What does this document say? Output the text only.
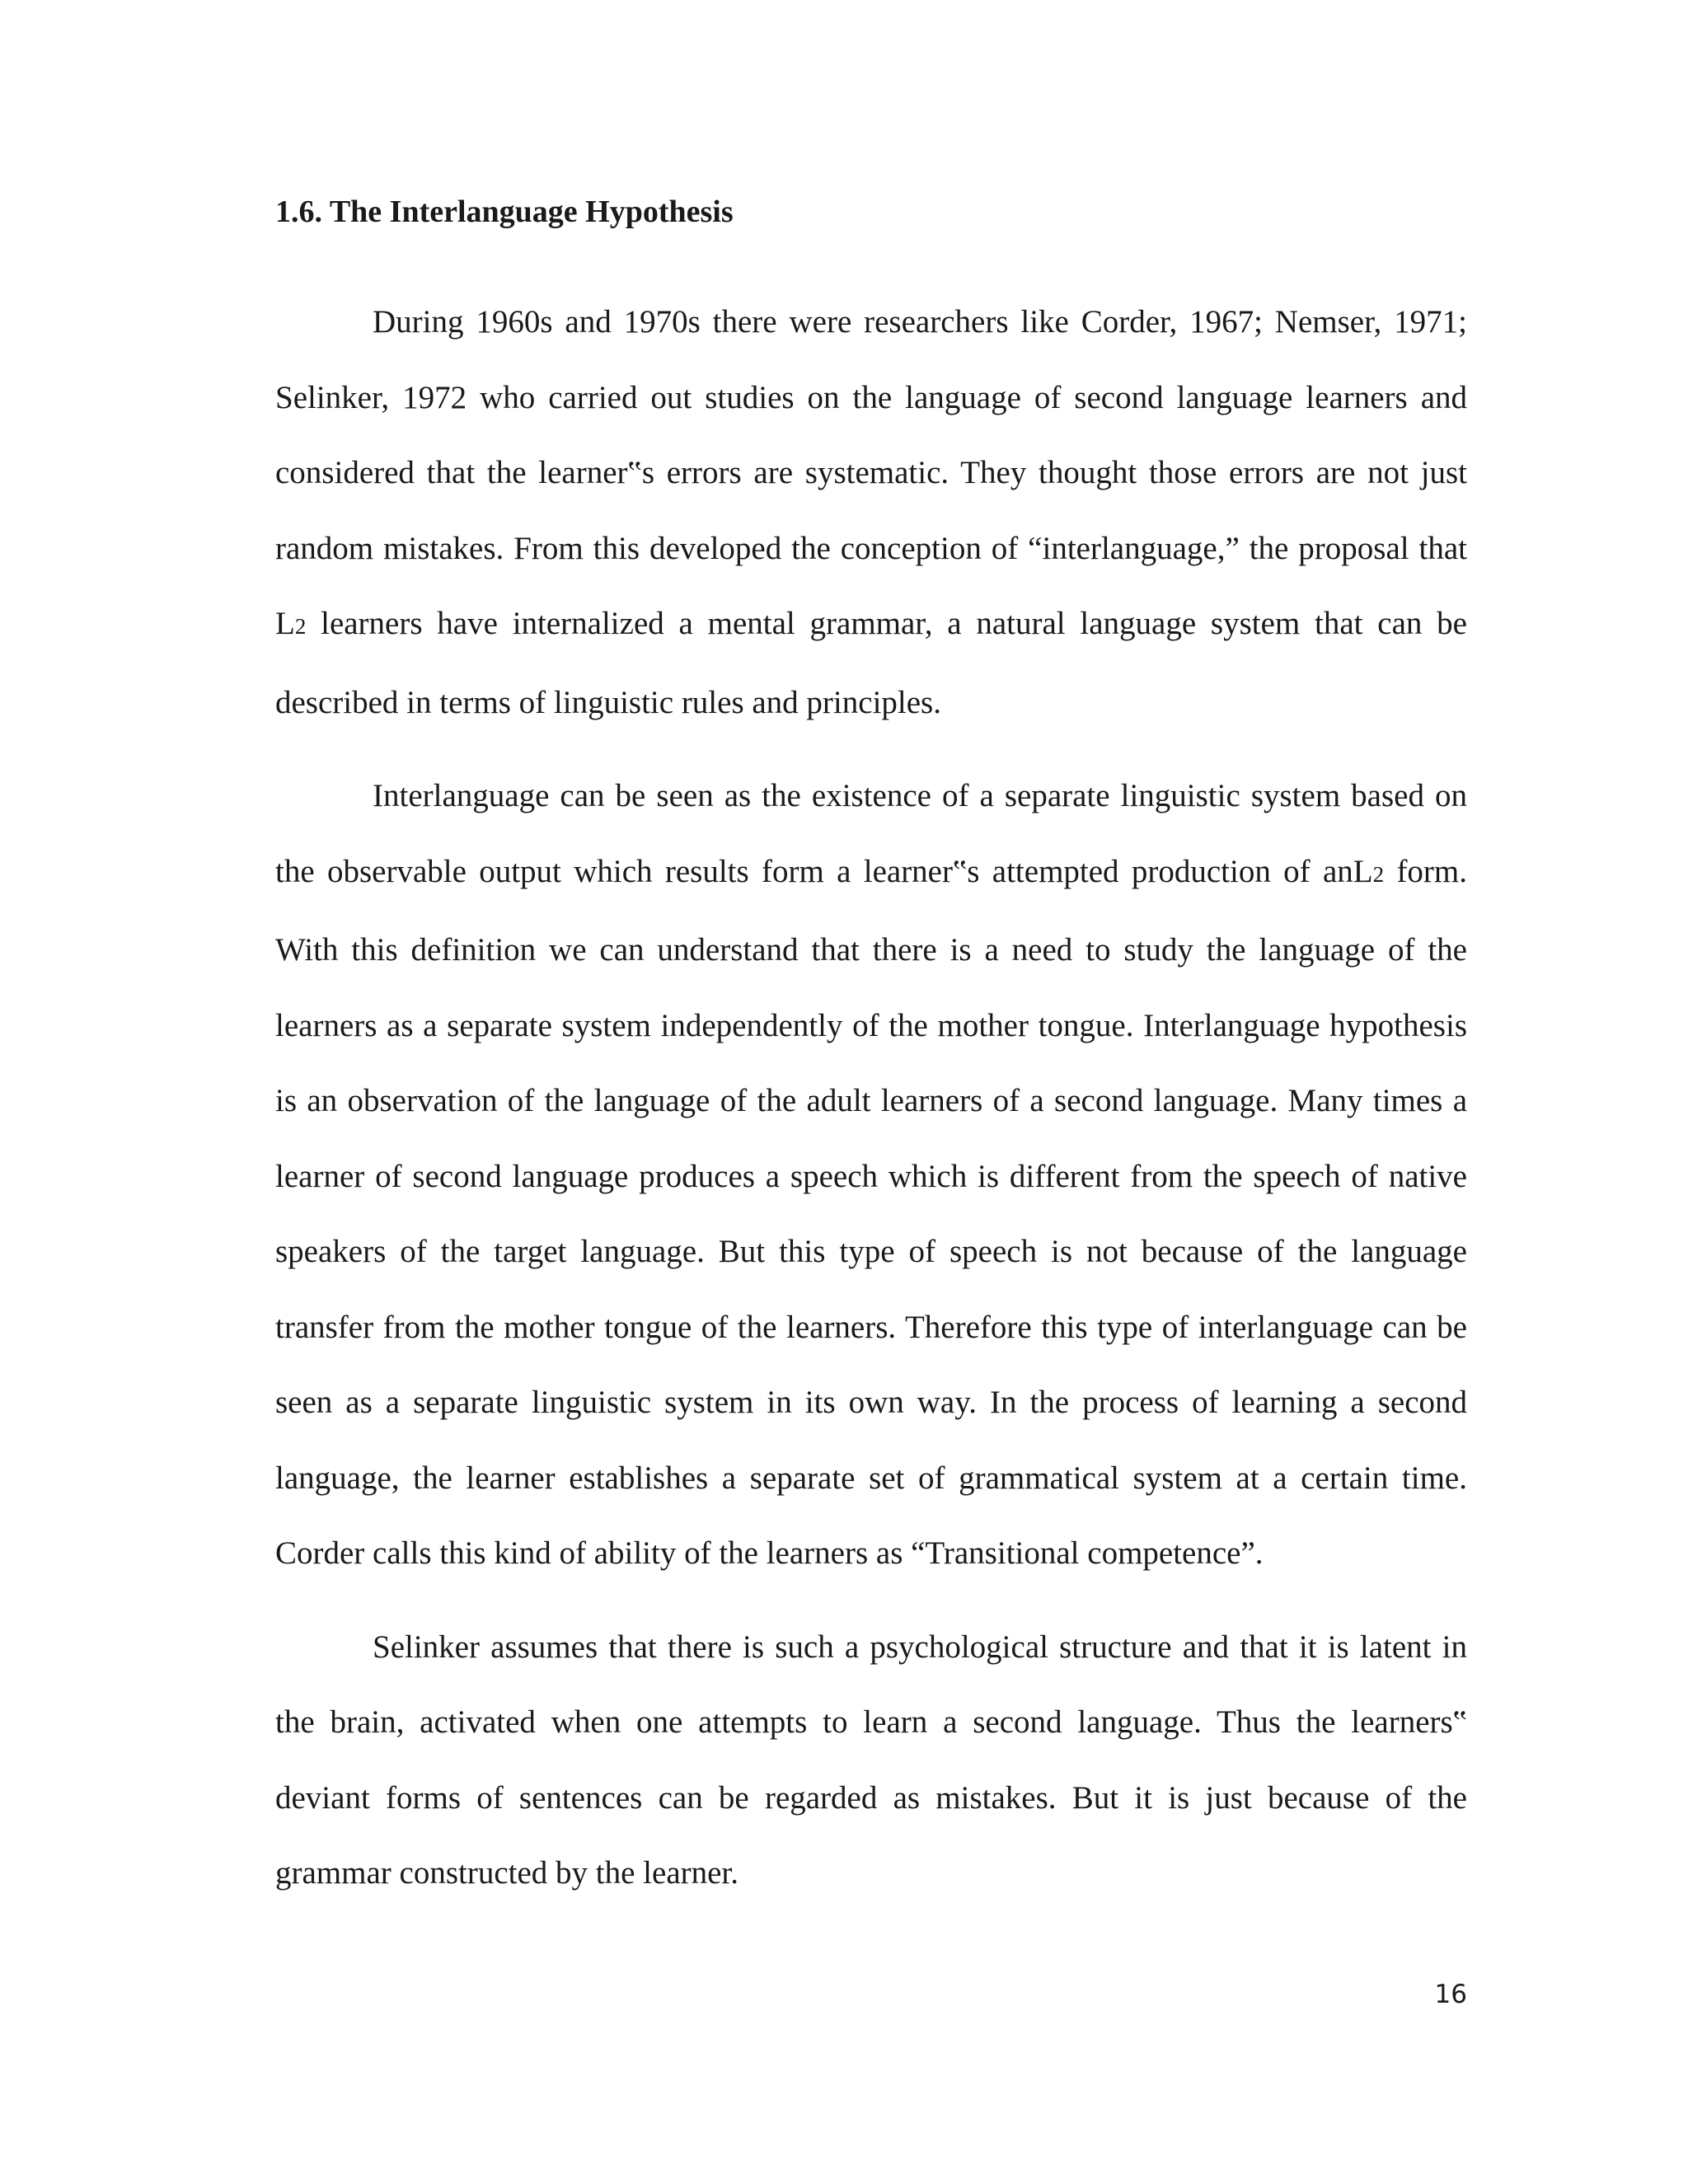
1.6. The Interlanguage Hypothesis

During 1960s and 1970s there were researchers like Corder, 1967; Nemser, 1971; Selinker, 1972 who carried out studies on the language of second language learners and considered that the learner‟s errors are systematic. They thought those errors are not just random mistakes. From this developed the conception of “interlanguage,” the proposal that L2 learners have internalized a mental grammar, a natural language system that can be described in terms of linguistic rules and principles.

Interlanguage can be seen as the existence of a separate linguistic system based on the observable output which results form a learner‟s attempted production of anL2 form. With this definition we can understand that there is a need to study the language of the learners as a separate system independently of the mother tongue. Interlanguage hypothesis is an observation of the language of the adult learners of a second language. Many times a learner of second language produces a speech which is different from the speech of native speakers of the target language. But this type of speech is not because of the language transfer from the mother tongue of the learners. Therefore this type of interlanguage can be seen as a separate linguistic system in its own way. In the process of learning a second language, the learner establishes a separate set of grammatical system at a certain time. Corder calls this kind of ability of the learners as “Transitional competence”.

Selinker assumes that there is such a psychological structure and that it is latent in the brain, activated when one attempts to learn a second language. Thus the learners‟ deviant forms of sentences can be regarded as mistakes. But it is just because of the grammar constructed by the learner.

16
